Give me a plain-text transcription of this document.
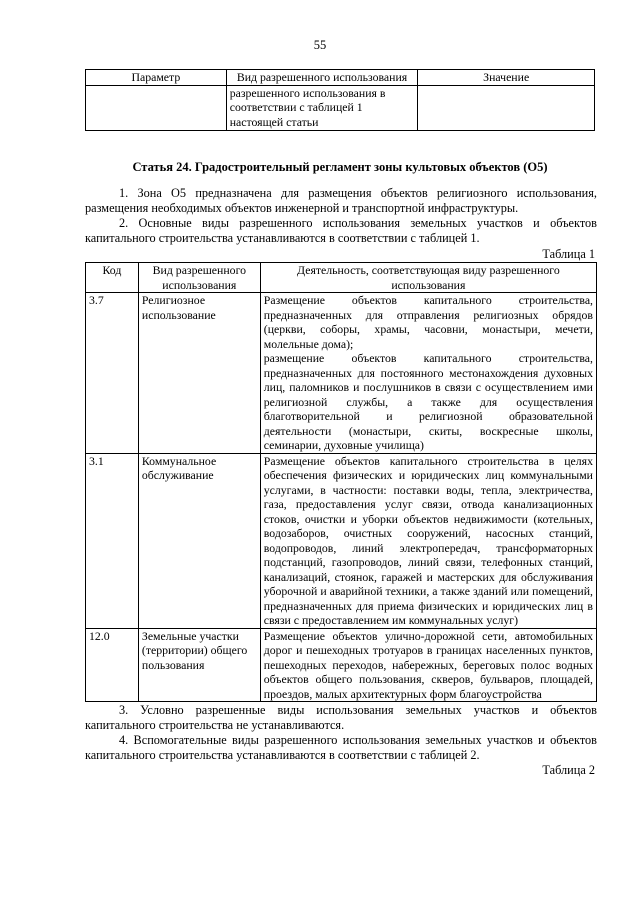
55
Параметр	Вид разрешенного использования	Значение
	разрешенного использования в соответствии с таблицей 1 настоящей статьи	
Статья 24. Градостроительный регламент зоны культовых объектов (О5)

1. Зона О5 предназначена для размещения объектов религиозного использования, размещения необходимых объектов инженерной и транспортной инфраструктуры.

2. Основные виды разрешенного использования земельных участков и объектов капитального строительства устанавливаются в соответствии с таблицей 1.

Таблица 1
Код	Вид разрешенного использования	Деятельность, соответствующая виду разрешенного использования
3.7	Религиозное использование	Размещение объектов капитального строительства, предназначенных для отправления религиозных обрядов (церкви, соборы, храмы, часовни, монастыри, мечети, молельные дома);
размещение объектов капитального строительства, предназначенных для постоянного местонахождения духовных лиц, паломников и послушников в связи с осуществлением ими религиозной службы, а также для осуществления благотворительной и религиозной образовательной деятельности (монастыри, скиты, воскресные школы, семинарии, духовные училища)

3.1	Коммунальное обслуживание	Размещение объектов капитального строительства в целях обеспечения физических и юридических лиц коммунальными услугами, в частности: поставки воды, тепла, электричества, газа, предоставления услуг связи, отвода канализационных стоков, очистки и уборки объектов недвижимости (котельных, водозаборов, очистных сооружений, насосных станций, водопроводов, линий электропередач, трансформаторных подстанций, газопроводов, линий связи, телефонных станций, канализаций, стоянок, гаражей и мастерских для обслуживания уборочной и аварийной техники, а также зданий или помещений, предназначенных для приема физических и юридических лиц в связи с предоставлением им коммунальных услуг)
12.0	Земельные участки (территории) общего пользования	Размещение объектов улично-дорожной сети, автомобильных дорог и пешеходных тротуаров в границах населенных пунктов, пешеходных переходов, набережных, береговых полос водных объектов общего пользования, скверов, бульваров, площадей, проездов, малых архитектурных форм благоустройства

3. Условно разрешенные виды использования земельных участков и объектов капитального строительства не устанавливаются.

4. Вспомогательные виды разрешенного использования земельных участков и объектов капитального строительства устанавливаются в соответствии с таблицей 2.

Таблица 2
